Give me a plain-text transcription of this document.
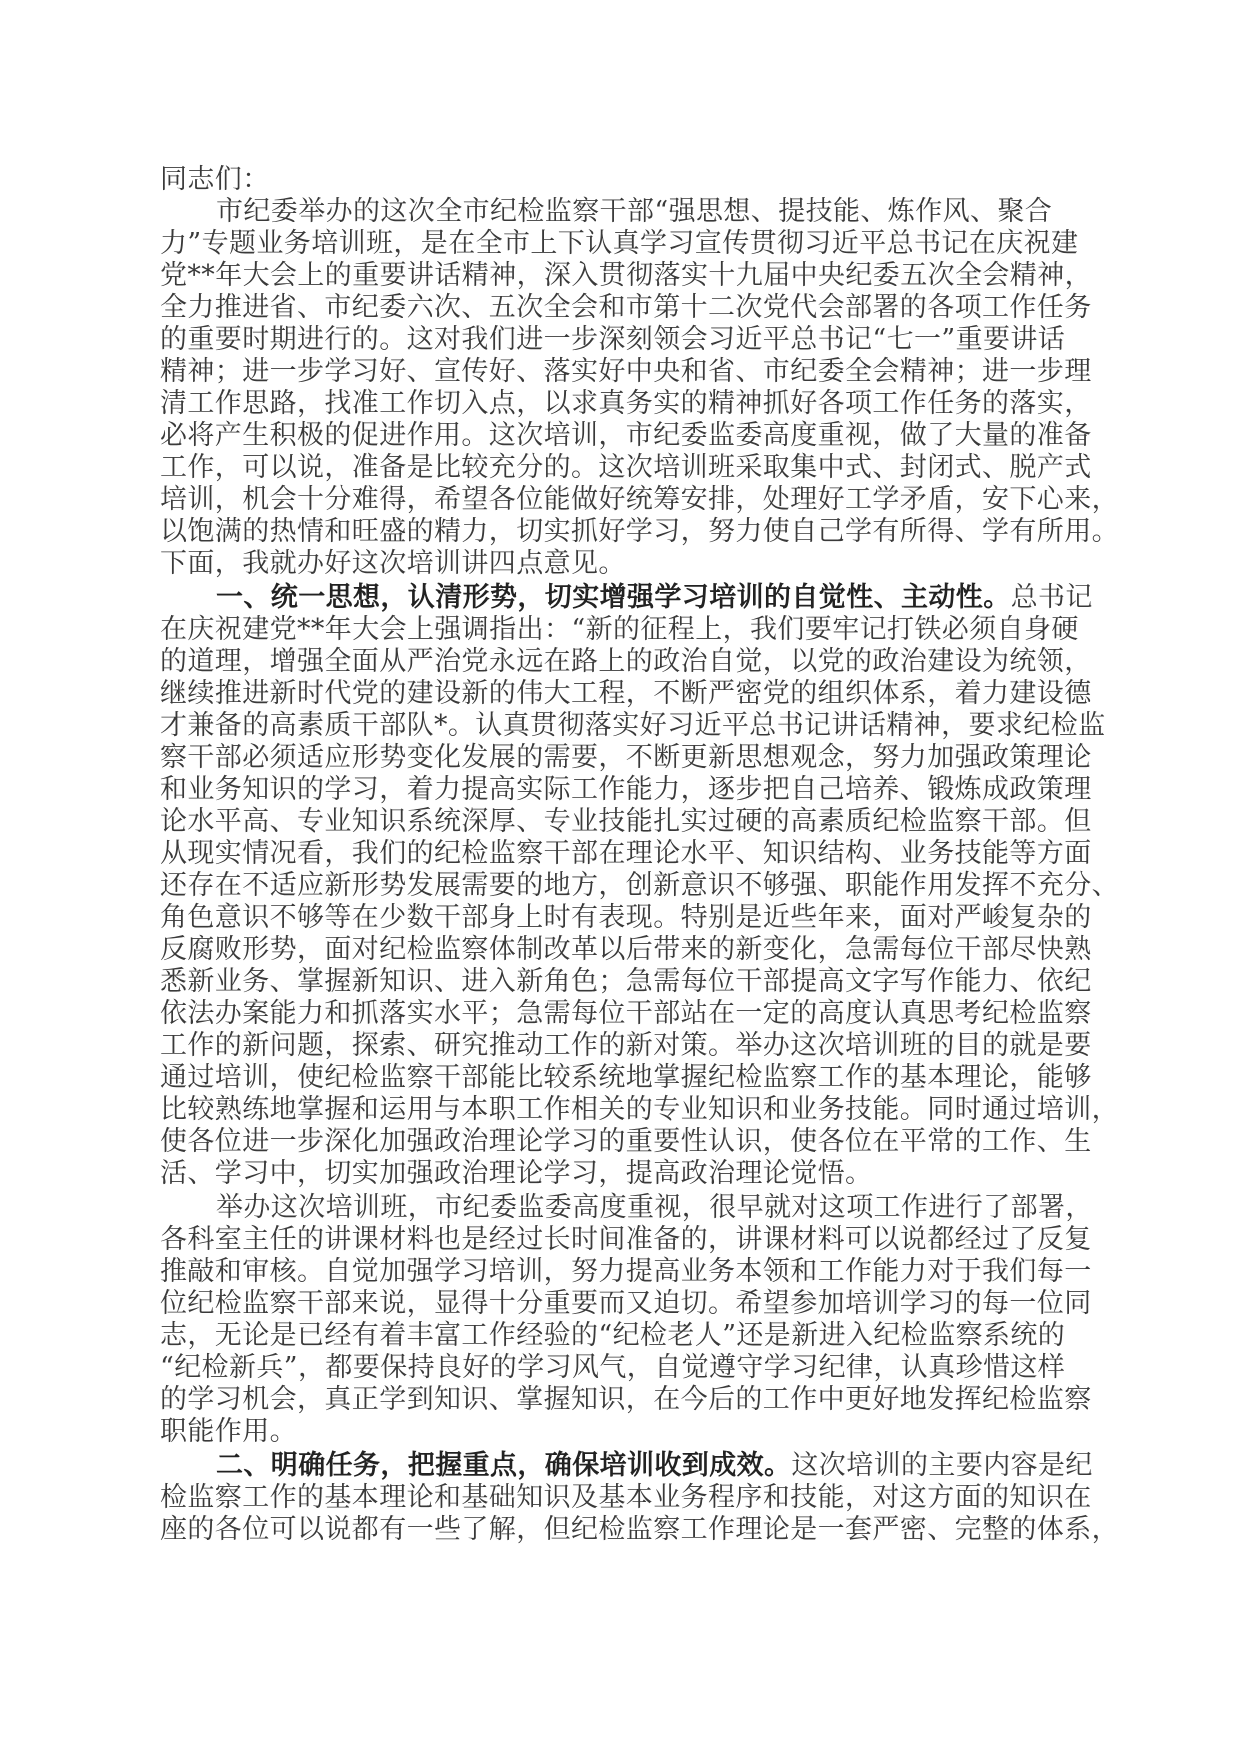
同志们：
市纪委举办的这次全市纪检监察干部“强思想、提技能、炼作风、聚合
力”专题业务培训班，是在全市上下认真学习宣传贯彻习近平总书记在庆祝建
党**年大会上的重要讲话精神，深入贯彻落实十九届中央纪委五次全会精神，
全力推进省、市纪委六次、五次全会和市第十二次党代会部署的各项工作任务
的重要时期进行的。这对我们进一步深刻领会习近平总书记“七一”重要讲话
精神；进一步学习好、宣传好、落实好中央和省、市纪委全会精神；进一步理
清工作思路，找准工作切入点，以求真务实的精神抓好各项工作任务的落实，
必将产生积极的促进作用。这次培训，市纪委监委高度重视，做了大量的准备
工作，可以说，准备是比较充分的。这次培训班采取集中式、封闭式、脱产式
培训，机会十分难得，希望各位能做好统筹安排，处理好工学矛盾，安下心来，
以饱满的热情和旺盛的精力，切实抓好学习，努力使自己学有所得、学有所用。
下面，我就办好这次培训讲四点意见。
一、统一思想，认清形势，切实增强学习培训的自觉性、主动性。总书记
在庆祝建党**年大会上强调指出：“新的征程上，我们要牢记打铁必须自身硬
的道理，增强全面从严治党永远在路上的政治自觉，以党的政治建设为统领，
继续推进新时代党的建设新的伟大工程，不断严密党的组织体系，着力建设德
才兼备的高素质干部队*。认真贯彻落实好习近平总书记讲话精神，要求纪检监
察干部必须适应形势变化发展的需要，不断更新思想观念，努力加强政策理论
和业务知识的学习，着力提高实际工作能力，逐步把自己培养、锻炼成政策理
论水平高、专业知识系统深厚、专业技能扎实过硬的高素质纪检监察干部。但
从现实情况看，我们的纪检监察干部在理论水平、知识结构、业务技能等方面
还存在不适应新形势发展需要的地方，创新意识不够强、职能作用发挥不充分、
角色意识不够等在少数干部身上时有表现。特别是近些年来，面对严峻复杂的
反腐败形势，面对纪检监察体制改革以后带来的新变化，急需每位干部尽快熟
悉新业务、掌握新知识、进入新角色；急需每位干部提高文字写作能力、依纪
依法办案能力和抓落实水平；急需每位干部站在一定的高度认真思考纪检监察
工作的新问题，探索、研究推动工作的新对策。举办这次培训班的目的就是要
通过培训，使纪检监察干部能比较系统地掌握纪检监察工作的基本理论，能够
比较熟练地掌握和运用与本职工作相关的专业知识和业务技能。同时通过培训，
使各位进一步深化加强政治理论学习的重要性认识，使各位在平常的工作、生
活、学习中，切实加强政治理论学习，提高政治理论觉悟。
举办这次培训班，市纪委监委高度重视，很早就对这项工作进行了部署，
各科室主任的讲课材料也是经过长时间准备的，讲课材料可以说都经过了反复
推敲和审核。自觉加强学习培训，努力提高业务本领和工作能力对于我们每一
位纪检监察干部来说，显得十分重要而又迫切。希望参加培训学习的每一位同
志，无论是已经有着丰富工作经验的“纪检老人”还是新进入纪检监察系统的
“纪检新兵”，都要保持良好的学习风气，自觉遵守学习纪律，认真珍惜这样
的学习机会，真正学到知识、掌握知识，在今后的工作中更好地发挥纪检监察
职能作用。
二、明确任务，把握重点，确保培训收到成效。这次培训的主要内容是纪
检监察工作的基本理论和基础知识及基本业务程序和技能，对这方面的知识在
座的各位可以说都有一些了解，但纪检监察工作理论是一套严密、完整的体系，
